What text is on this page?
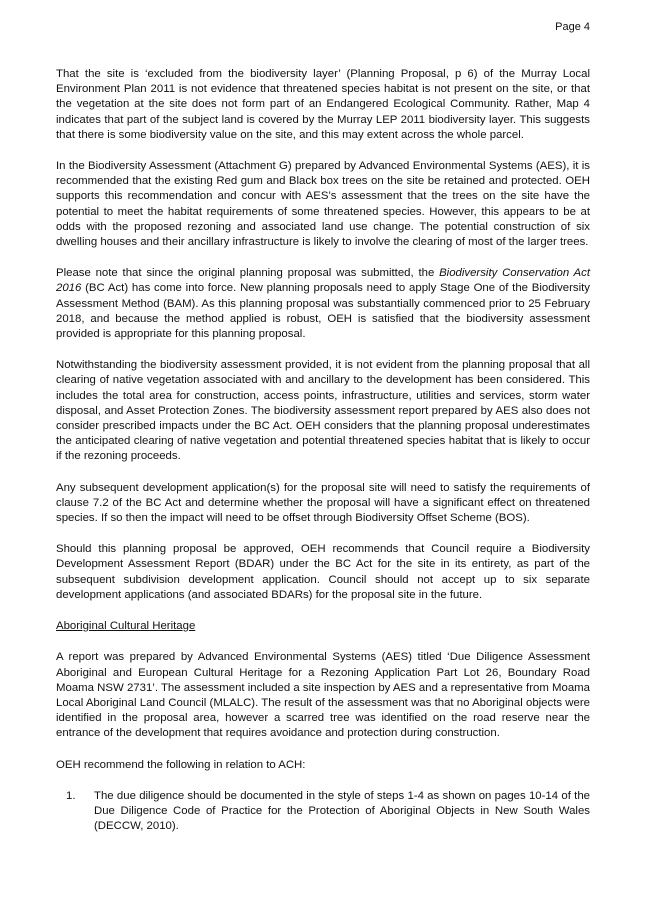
Page 4

That the site is ‘excluded from the biodiversity layer’ (Planning Proposal, p 6) of the Murray Local Environment Plan 2011 is not evidence that threatened species habitat is not present on the site, or that the vegetation at the site does not form part of an Endangered Ecological Community. Rather, Map 4 indicates that part of the subject land is covered by the Murray LEP 2011 biodiversity layer. This suggests that there is some biodiversity value on the site, and this may extent across the whole parcel.

In the Biodiversity Assessment (Attachment G) prepared by Advanced Environmental Systems (AES), it is recommended that the existing Red gum and Black box trees on the site be retained and protected. OEH supports this recommendation and concur with AES’s assessment that the trees on the site have the potential to meet the habitat requirements of some threatened species. However, this appears to be at odds with the proposed rezoning and associated land use change. The potential construction of six dwelling houses and their ancillary infrastructure is likely to involve the clearing of most of the larger trees.

Please note that since the original planning proposal was submitted, the Biodiversity Conservation Act 2016 (BC Act) has come into force. New planning proposals need to apply Stage One of the Biodiversity Assessment Method (BAM). As this planning proposal was substantially commenced prior to 25 February 2018, and because the method applied is robust, OEH is satisfied that the biodiversity assessment provided is appropriate for this planning proposal.

Notwithstanding the biodiversity assessment provided, it is not evident from the planning proposal that all clearing of native vegetation associated with and ancillary to the development has been considered. This includes the total area for construction, access points, infrastructure, utilities and services, storm water disposal, and Asset Protection Zones. The biodiversity assessment report prepared by AES also does not consider prescribed impacts under the BC Act. OEH considers that the planning proposal underestimates the anticipated clearing of native vegetation and potential threatened species habitat that is likely to occur if the rezoning proceeds.

Any subsequent development application(s) for the proposal site will need to satisfy the requirements of clause 7.2 of the BC Act and determine whether the proposal will have a significant effect on threatened species. If so then the impact will need to be offset through Biodiversity Offset Scheme (BOS).

Should this planning proposal be approved, OEH recommends that Council require a Biodiversity Development Assessment Report (BDAR) under the BC Act for the site in its entirety, as part of the subsequent subdivision development application. Council should not accept up to six separate development applications (and associated BDARs) for the proposal site in the future.

Aboriginal Cultural Heritage

A report was prepared by Advanced Environmental Systems (AES) titled ‘Due Diligence Assessment Aboriginal and European Cultural Heritage for a Rezoning Application Part Lot 26, Boundary Road Moama NSW 2731’. The assessment included a site inspection by AES and a representative from Moama Local Aboriginal Land Council (MLALC). The result of the assessment was that no Aboriginal objects were identified in the proposal area, however a scarred tree was identified on the road reserve near the entrance of the development that requires avoidance and protection during construction.

OEH recommend the following in relation to ACH:

1. The due diligence should be documented in the style of steps 1-4 as shown on pages 10-14 of the Due Diligence Code of Practice for the Protection of Aboriginal Objects in New South Wales (DECCW, 2010).
